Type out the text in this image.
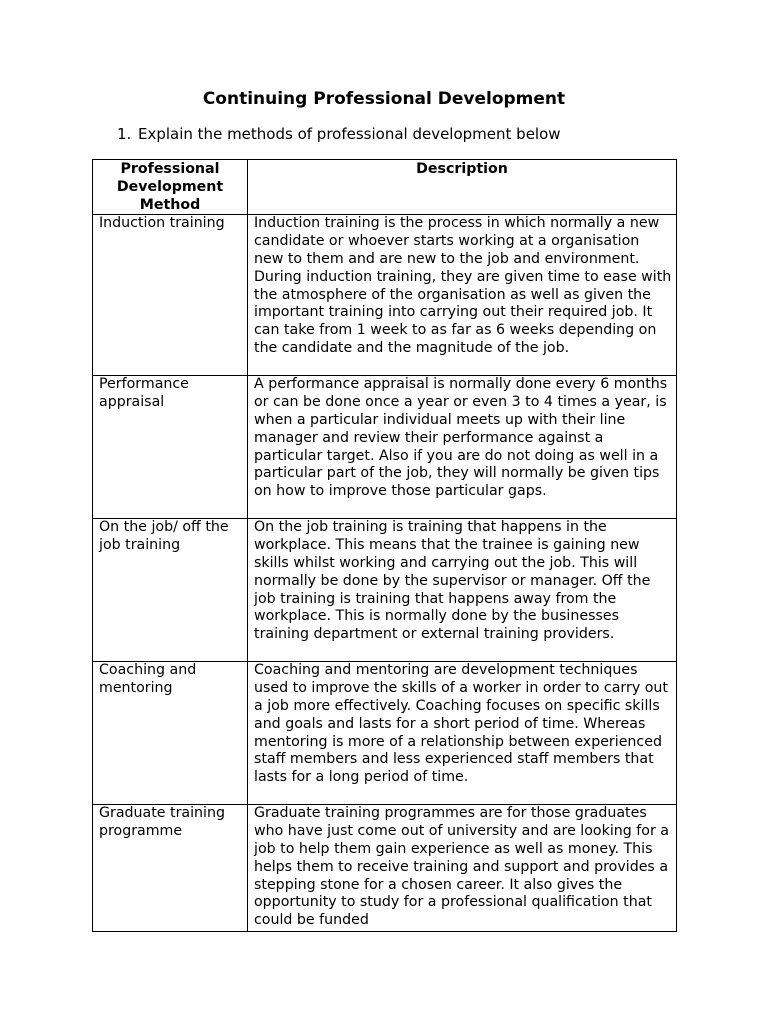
Continuing Professional Development

1. Explain the methods of professional development below

Professional Development Method	Description
Induction training	Induction training is the process in which normally a new candidate or whoever starts working at a organisation new to them and are new to the job and environment. During induction training, they are given time to ease with the atmosphere of the organisation as well as given the important training into carrying out their required job. It can take from 1 week to as far as 6 weeks depending on the candidate and the magnitude of the job.
Performance appraisal	A performance appraisal is normally done every 6 months or can be done once a year or even 3 to 4 times a year, is when a particular individual meets up with their line manager and review their performance against a particular target. Also if you are do not doing as well in a particular part of the job, they will normally be given tips on how to improve those particular gaps.
On the job/ off the job training	On the job training is training that happens in the workplace. This means that the trainee is gaining new skills whilst working and carrying out the job. This will normally be done by the supervisor or manager. Off the job training is training that happens away from the workplace. This is normally done by the businesses training department or external training providers.
Coaching and mentoring	Coaching and mentoring are development techniques used to improve the skills of a worker in order to carry out a job more effectively. Coaching focuses on specific skills and goals and lasts for a short period of time. Whereas mentoring is more of a relationship between experienced staff members and less experienced staff members that lasts for a long period of time.
Graduate training programme	Graduate training programmes are for those graduates who have just come out of university and are looking for a job to help them gain experience as well as money. This helps them to receive training and support and provides a stepping stone for a chosen career. It also gives the opportunity to study for a professional qualification that could be funded
